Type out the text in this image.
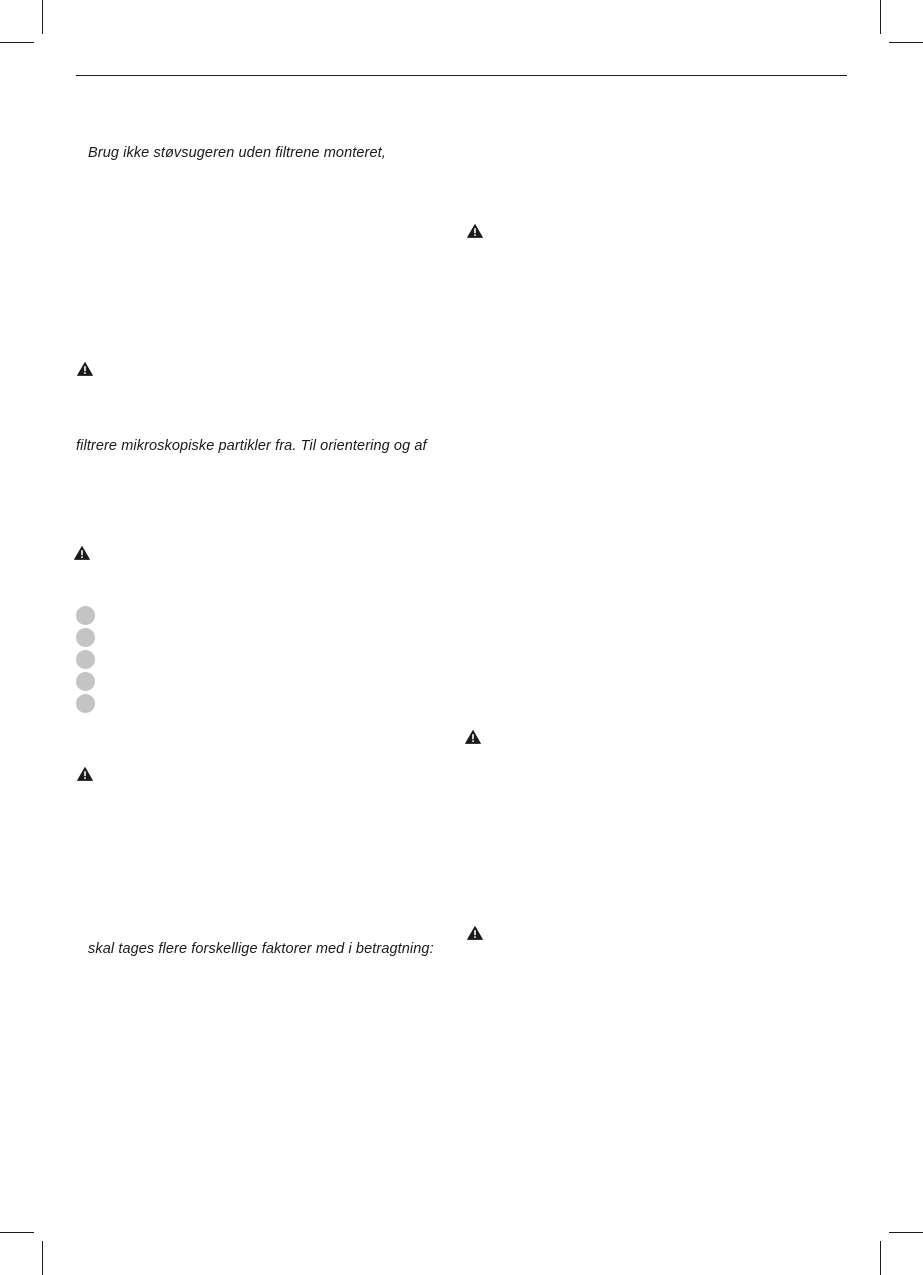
Brug ikke støvsugeren uden filtrene monteret,
filtrere mikroskopiske partikler fra. Til orientering og af
skal tages flere forskellige faktorer med i betragtning:
